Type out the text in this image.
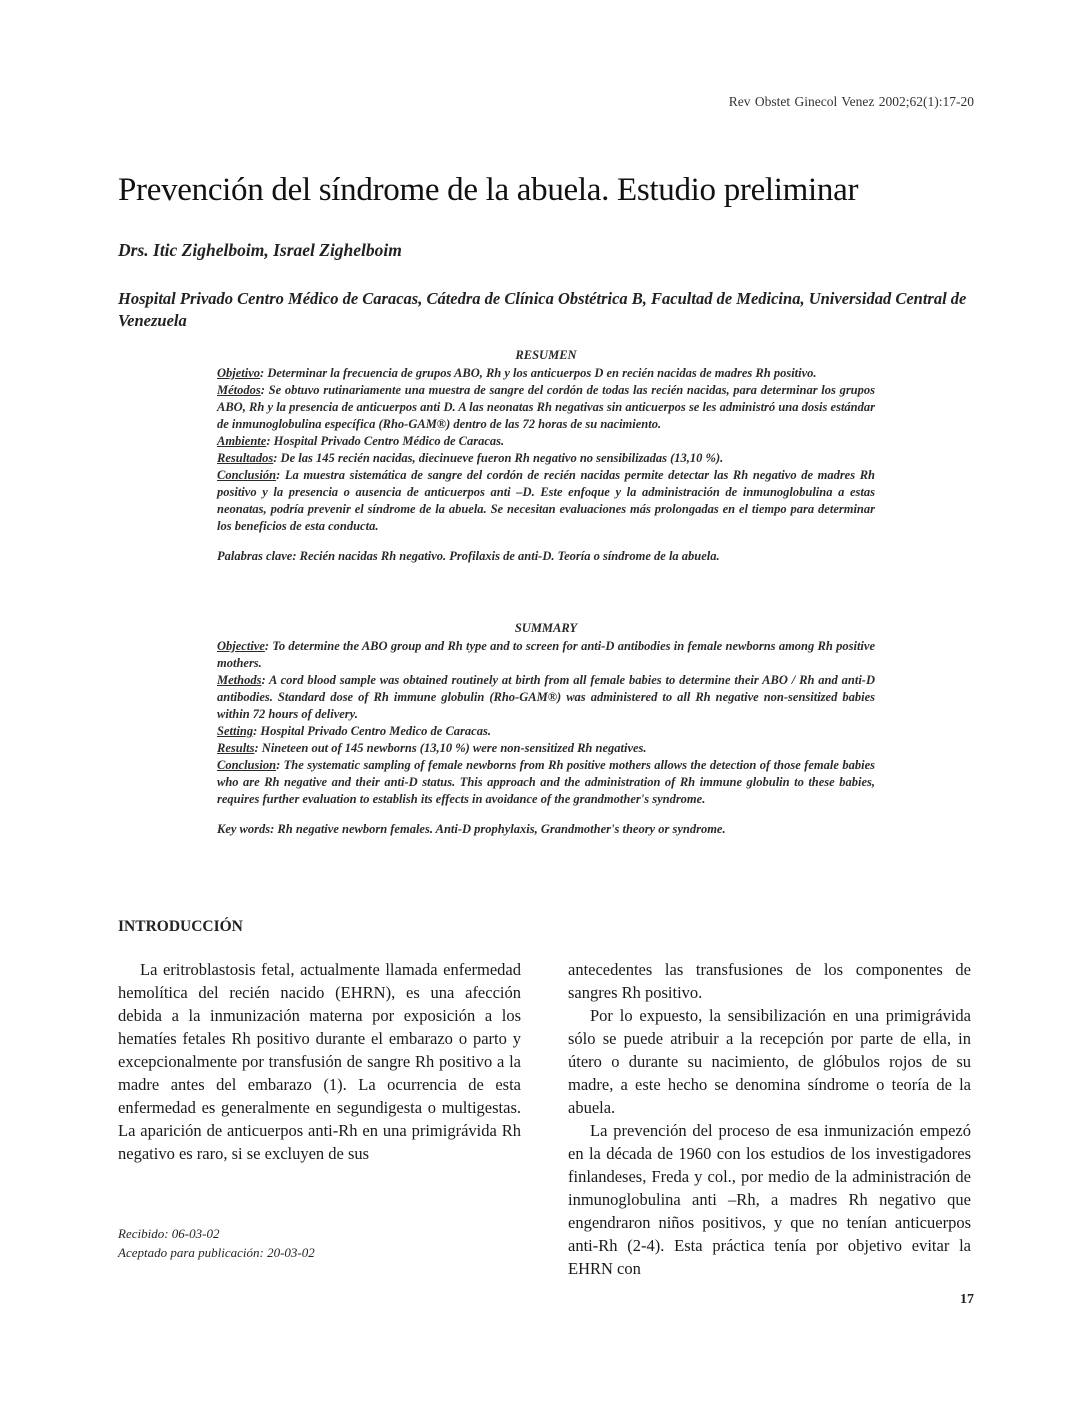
Rev Obstet Ginecol Venez 2002;62(1):17-20
Prevención del síndrome de la abuela. Estudio preliminar
Drs. Itic Zighelboim, Israel Zighelboim
Hospital Privado Centro Médico de Caracas, Cátedra de Clínica Obstétrica B, Facultad de Medicina, Universidad Central de Venezuela

RESUMEN

Objetivo: Determinar la frecuencia de grupos ABO, Rh y los anticuerpos D en recién nacidas de madres Rh positivo.

Métodos: Se obtuvo rutinariamente una muestra de sangre del cordón de todas las recién nacidas, para determinar los grupos ABO, Rh y la presencia de anticuerpos anti D. A las neonatas Rh negativas sin anticuerpos se les administró una dosis estándar de inmunoglobulina específica (Rho-GAM®) dentro de las 72 horas de su nacimiento.

Ambiente: Hospital Privado Centro Médico de Caracas.

Resultados: De las 145 recién nacidas, diecinueve fueron Rh negativo no sensibilizadas (13,10 %).

Conclusión: La muestra sistemática de sangre del cordón de recién nacidas permite detectar las Rh negativo de madres Rh positivo y la presencia o ausencia de anticuerpos anti –D. Este enfoque y la administración de inmunoglobulina a estas neonatas, podría prevenir el síndrome de la abuela. Se necesitan evaluaciones más prolongadas en el tiempo para determinar los beneficios de esta conducta.

Palabras clave: Recién nacidas Rh negativo. Profilaxis de anti-D. Teoría o síndrome de la abuela.

SUMMARY

Objective: To determine the ABO group and Rh type and to screen for anti-D antibodies in female newborns among Rh positive mothers.

Methods: A cord blood sample was obtained routinely at birth from all female babies to determine their ABO / Rh and anti-D antibodies. Standard dose of Rh immune globulin (Rho-GAM®) was administered to all Rh negative non-sensitized babies within 72 hours of delivery.

Setting: Hospital Privado Centro Medico de Caracas.

Results: Nineteen out of 145 newborns (13,10 %) were non-sensitized Rh negatives.

Conclusion: The systematic sampling of female newborns from Rh positive mothers allows the detection of those female babies who are Rh negative and their anti-D status. This approach and the administration of Rh immune globulin to these babies, requires further evaluation to establish its effects in avoidance of the grandmother's syndrome.

Key words: Rh negative newborn females. Anti-D prophylaxis, Grandmother's theory or syndrome.

INTRODUCCIÓN

La eritroblastosis fetal, actualmente llamada enfermedad hemolítica del recién nacido (EHRN), es una afección debida a la inmunización materna por exposición a los hematíes fetales Rh positivo durante el embarazo o parto y excepcionalmente por transfusión de sangre Rh positivo a la madre antes del embarazo (1). La ocurrencia de esta enfermedad es generalmente en segundigesta o multigestas. La aparición de anticuerpos anti-Rh en una primigrávida Rh negativo es raro, si se excluyen de sus

antecedentes las transfusiones de los componentes de sangres Rh positivo.

Por lo expuesto, la sensibilización en una primigrávida sólo se puede atribuir a la recepción por parte de ella, in útero o durante su nacimiento, de glóbulos rojos de su madre, a este hecho se denomina síndrome o teoría de la abuela.

La prevención del proceso de esa inmunización empezó en la década de 1960 con los estudios de los investigadores finlandeses, Freda y col., por medio de la administración de inmunoglobulina anti –Rh, a madres Rh negativo que engendraron niños positivos, y que no tenían anticuerpos anti-Rh (2-4). Esta práctica tenía por objetivo evitar la EHRN con

Recibido: 06-03-02
Aceptado para publicación: 20-03-02
17
